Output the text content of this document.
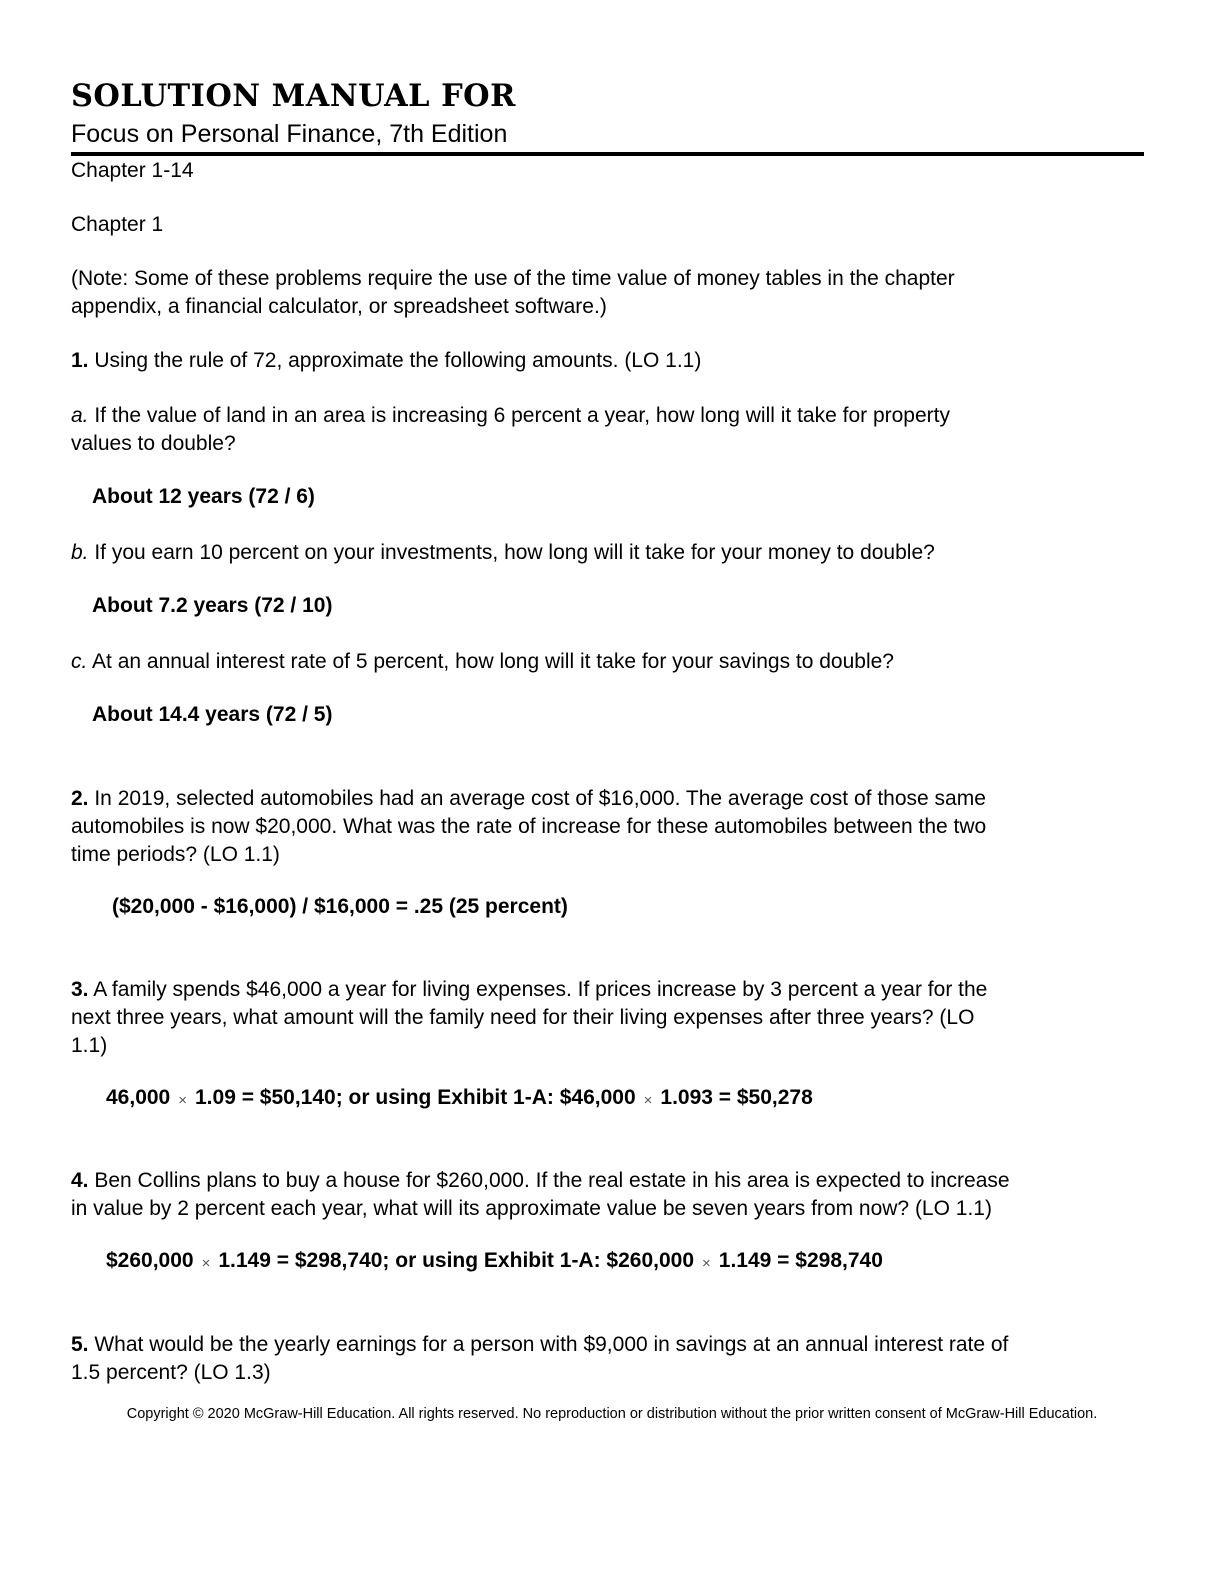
SOLUTION MANUAL FOR
Focus on Personal Finance, 7th Edition
Chapter 1-14
Chapter 1
(Note: Some of these problems require the use of the time value of money tables in the chapter
appendix, a financial calculator, or spreadsheet software.)
1. Using the rule of 72, approximate the following amounts. (LO 1.1)
a. If the value of land in an area is increasing 6 percent a year, how long will it take for property
values to double?
About 12 years (72 / 6)
b. If you earn 10 percent on your investments, how long will it take for your money to double?
About 7.2 years (72 / 10)
c. At an annual interest rate of 5 percent, how long will it take for your savings to double?
About 14.4 years (72 / 5)
2. In 2019, selected automobiles had an average cost of $16,000. The average cost of those same
automobiles is now $20,000. What was the rate of increase for these automobiles between the two
time periods? (LO 1.1)
($20,000 - $16,000) / $16,000 = .25 (25 percent)
3. A family spends $46,000 a year for living expenses. If prices increase by 3 percent a year for the
next three years, what amount will the family need for their living expenses after three years? (LO
1.1)
46,000 × 1.09 = $50,140; or using Exhibit 1-A: $46,000 × 1.093 = $50,278
4. Ben Collins plans to buy a house for $260,000. If the real estate in his area is expected to increase
in value by 2 percent each year, what will its approximate value be seven years from now? (LO 1.1)
$260,000 × 1.149 = $298,740; or using Exhibit 1-A: $260,000 × 1.149 = $298,740
5. What would be the yearly earnings for a person with $9,000 in savings at an annual interest rate of
1.5 percent? (LO 1.3)
Copyright © 2020 McGraw-Hill Education. All rights reserved. No reproduction or distribution without the prior written consent of McGraw-Hill Education.
